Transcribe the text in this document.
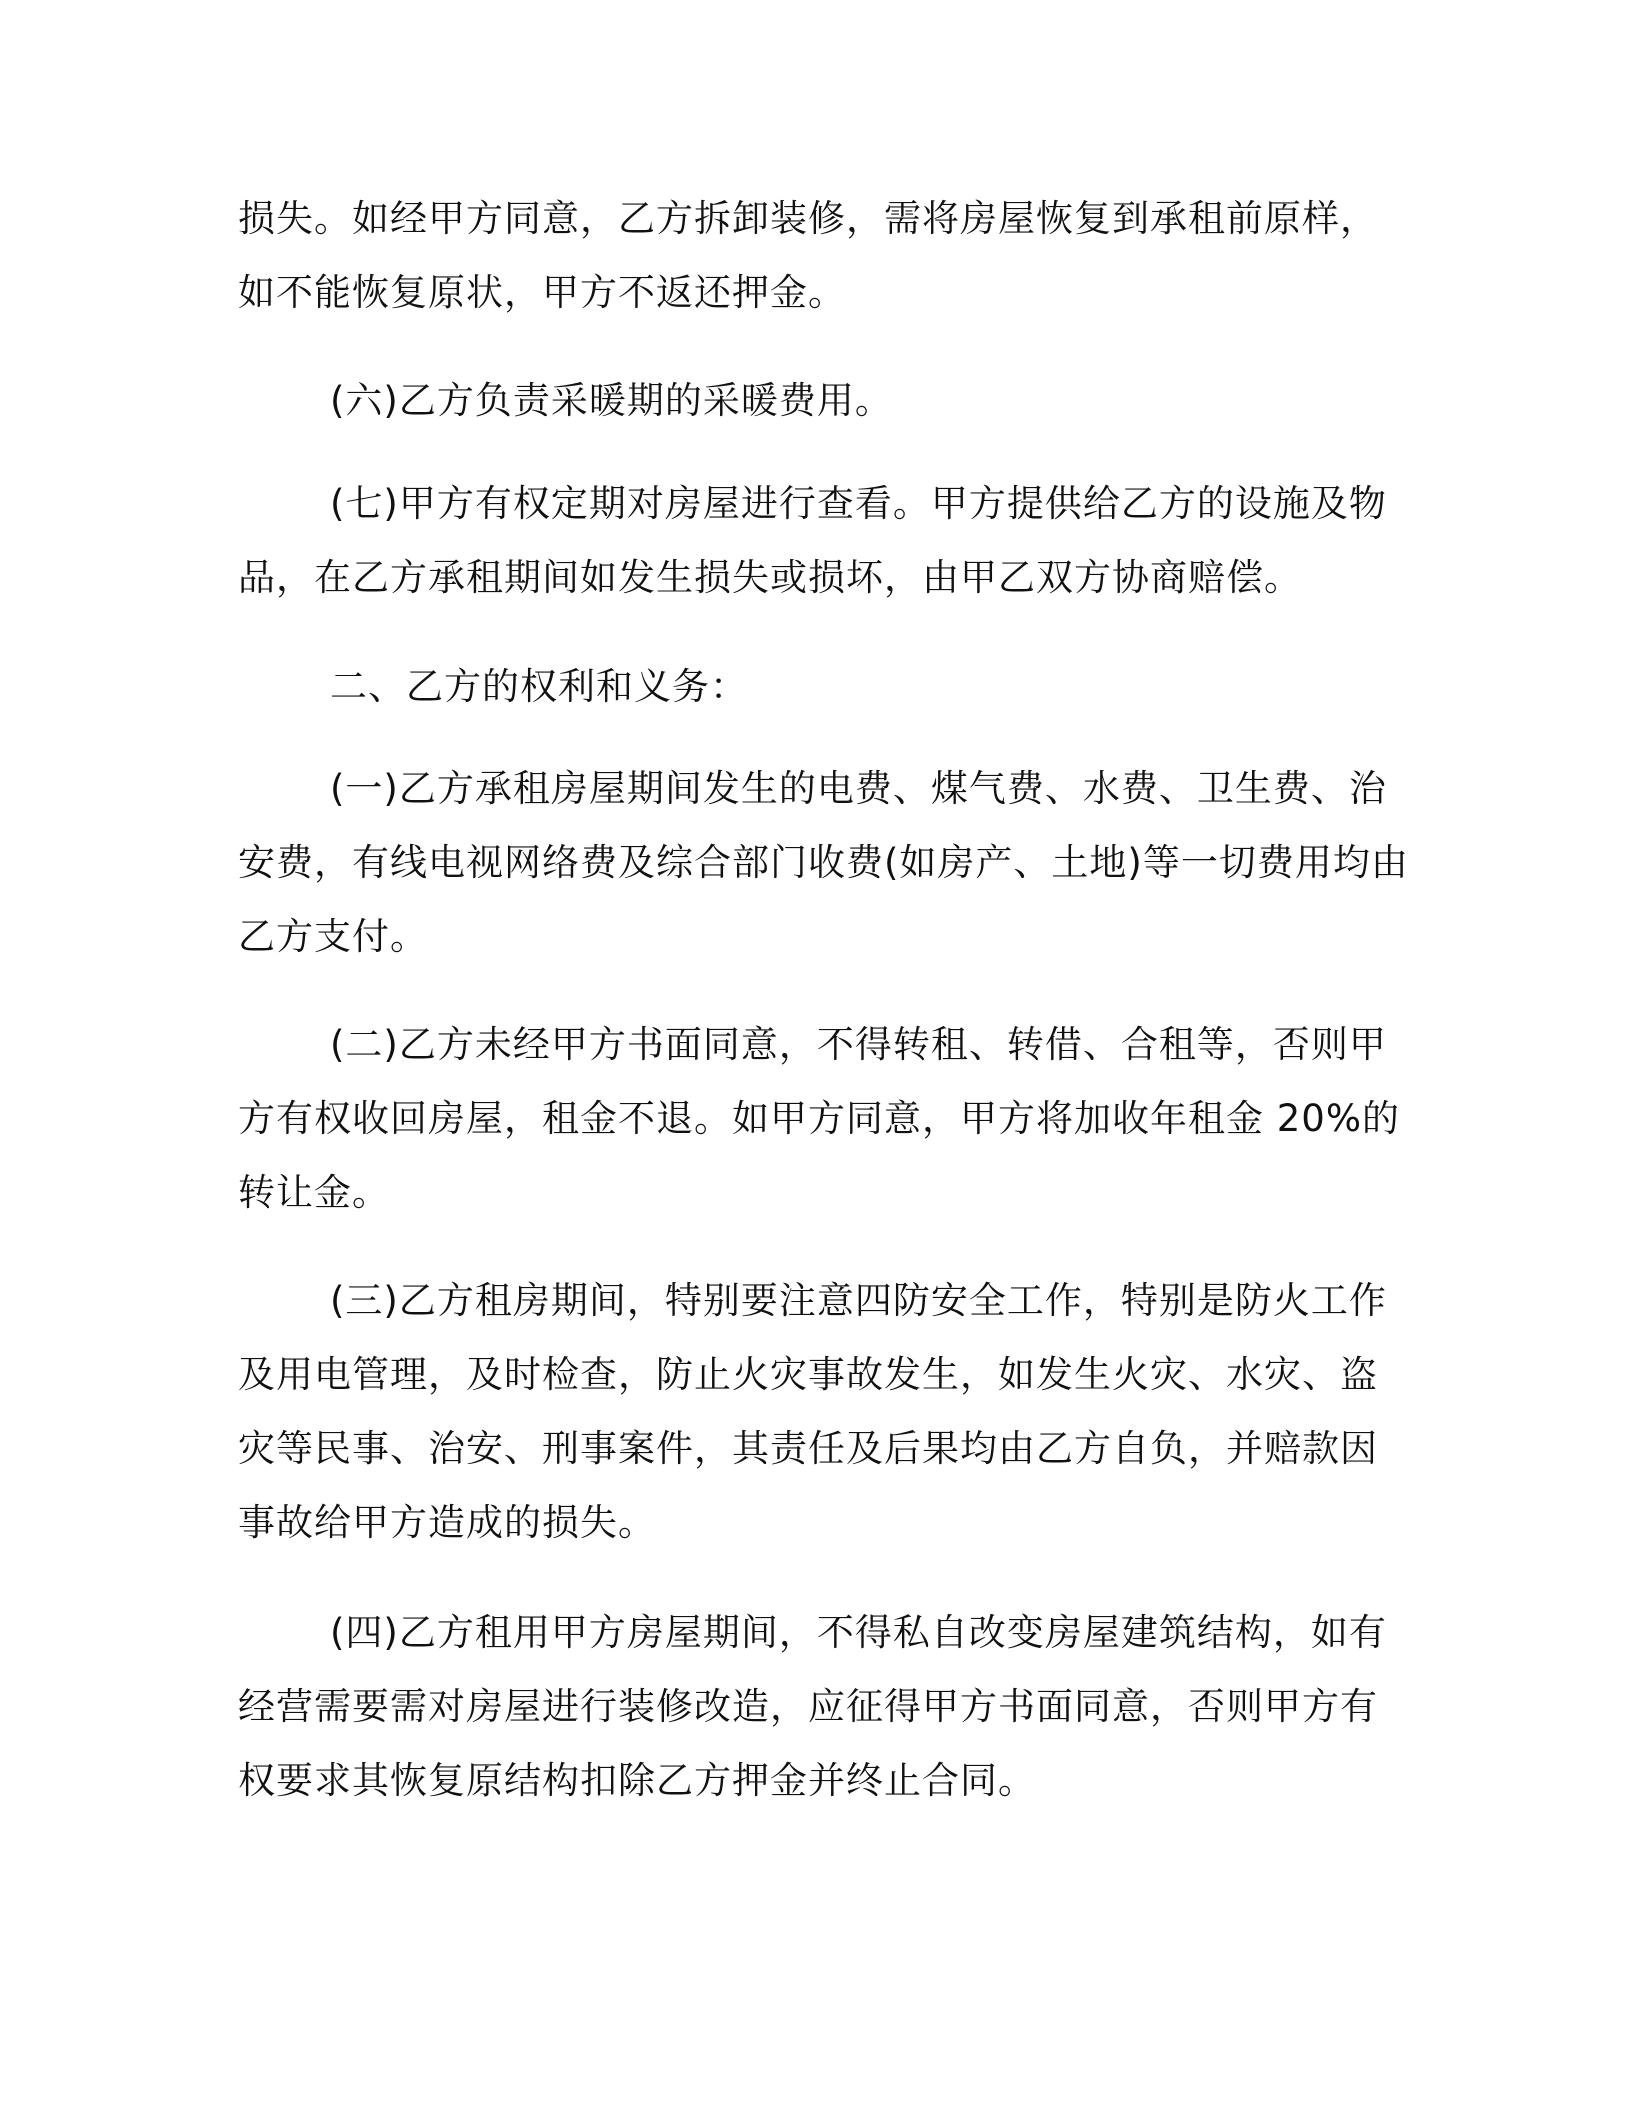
损失。如经甲方同意，乙方拆卸装修，需将房屋恢复到承租前原样，
如不能恢复原状，甲方不返还押金。
(六)乙方负责采暖期的采暖费用。
(七)甲方有权定期对房屋进行查看。甲方提供给乙方的设施及物
品，在乙方承租期间如发生损失或损坏，由甲乙双方协商赔偿。
二、乙方的权利和义务：
(一)乙方承租房屋期间发生的电费、煤气费、水费、卫生费、治
安费，有线电视网络费及综合部门收费(如房产、土地)等一切费用均由
乙方支付。
(二)乙方未经甲方书面同意，不得转租、转借、合租等，否则甲
方有权收回房屋，租金不退。如甲方同意，甲方将加收年租金 20%的
转让金。
(三)乙方租房期间，特别要注意四防安全工作，特别是防火工作
及用电管理，及时检查，防止火灾事故发生，如发生火灾、水灾、盗
灾等民事、治安、刑事案件，其责任及后果均由乙方自负，并赔款因
事故给甲方造成的损失。
(四)乙方租用甲方房屋期间，不得私自改变房屋建筑结构，如有
经营需要需对房屋进行装修改造，应征得甲方书面同意，否则甲方有
权要求其恢复原结构扣除乙方押金并终止合同。
